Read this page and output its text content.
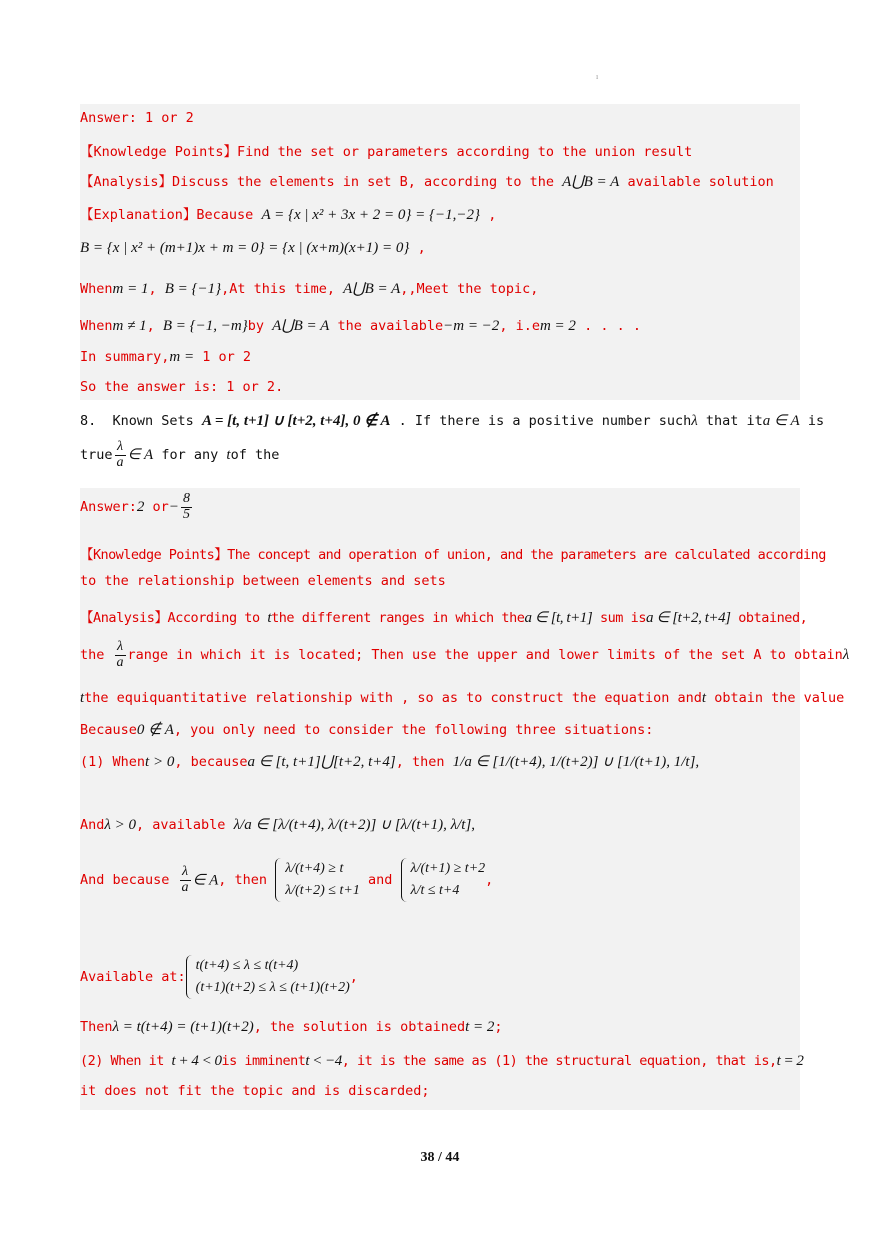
ı
Answer: 1 or 2
【Knowledge Points】Find the set or parameters according to the union result
【Analysis】Discuss the elements in set B, according to the A⋃B = A available solution
【Explanation】Because A = {x | x² + 3x + 2 = 0} = {−1,−2} ,
B = {x | x² + (m+1)x + m = 0} = {x | (x+m)(x+1) = 0} ,
Whenm = 1, B = {−1},At this time, A⋃B = A,,Meet the topic,
Whenm ≠ 1, B = {−1, −m}by A⋃B = A the available−m = −2, i.em = 2 . . . .
In summary,m = 1 or 2
So the answer is: 1 or 2.
8. Known Sets A = [t, t+1] ∪ [t+2, t+4], 0 ∉ A . If there is a positive number suchλ that ita ∈ A is
true $\frac{\lambda}{a}$ ∈ A for any tof the
Answer:2 $or- \frac{8}{5}$
【Knowledge Points】The concept and operation of union, and the parameters are calculated according
to the relationship between elements and sets
【Analysis】According to tthe different ranges in which thea ∈ [t, t+1] sum isa ∈ [t+2, t+4] obtained,
the $\frac{\lambda}{a}$ range in which it is located; Then use the upper and lower limits of the set A to obtainλ
tthe equiquantitative relationship with , so as to construct the equation andt obtain the value
Because0 ∉ A, you only need to consider the following three situations:
(1) Whent > 0, becausea ∈ [t, t+1]⋃[t+2, t+4], then 1/a ∈ [1/(t+4), 1/(t+2)] ∪ [1/(t+1), 1/t],
Andλ > 0, available λ/a ∈ [λ/(t+4), λ/(t+2)] ∪ [λ/(t+1), λ/t],
And because $\frac{\lambda}{a}$ ∈ A, then
λ/(t+4) ≥ t
λ/(t+2) ≤ t+1
and
λ/(t+1) ≥ t+2
λ/t ≤ t+4
,
Available at:
t(t+4) ≤ λ ≤ t(t+4)
(t+1)(t+2) ≤ λ ≤ (t+1)(t+2)
,
Thenλ = t(t+4) = (t+1)(t+2), the solution is obtainedt = 2;
(2) When it t + 4 < 0is imminentt < −4, it is the same as (1) the structural equation, that is,t = 2
it does not fit the topic and is discarded;
38 / 44
